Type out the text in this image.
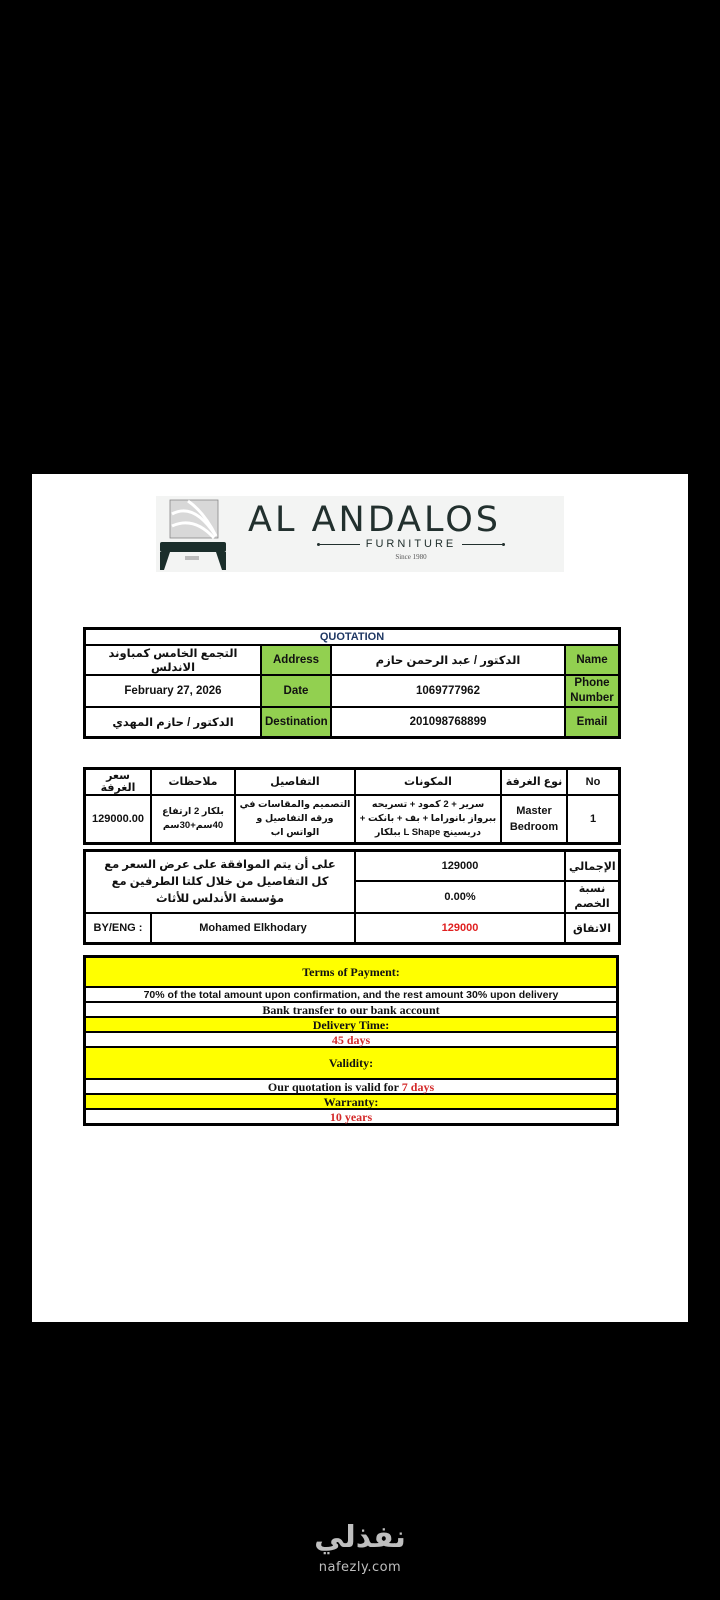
AL ANDALOS
FURNITURE
Since 1980
QUOTATION			
التجمع الخامس كمباوند الاندلس	Address	الدكتور / عبد الرحمن حازم	Name
February 27, 2026	Date	1069777962	Phone Number
الدكتور / حازم المهدي	Destination	201098768899	Email
سعر الغرفة	ملاحظات	التفاصيل	المكونات	نوع الغرفة	No
129000.00	بلكار 2 ارتفاع 40سم+30سم	التصميم والمقاسات في ورقه التفاصيل و الواتس اب	سرير + 2 كمود + تسريحه ببرواز بانوراما + بف + بانكت + دريسينج L Shape ببلكار	Master Bedroom	1
على أن يتم الموافقة على عرض السعر مع كل التفاصيل من خلال كلتا الطرفين مع مؤسسة الأندلس للأثاث		129000	الإجمالي
		0.00%	نسبة الخصم
BY/ENG :	Mohamed Elkhodary	129000	الاتفاق
Terms of Payment:
70% of the total amount upon confirmation, and the rest amount 30% upon delivery
Bank transfer to our bank account
Delivery Time:
45 days
Validity:
Our quotation is valid for 7 days
Warranty:
10 years
نفذلي
nafezly.com
